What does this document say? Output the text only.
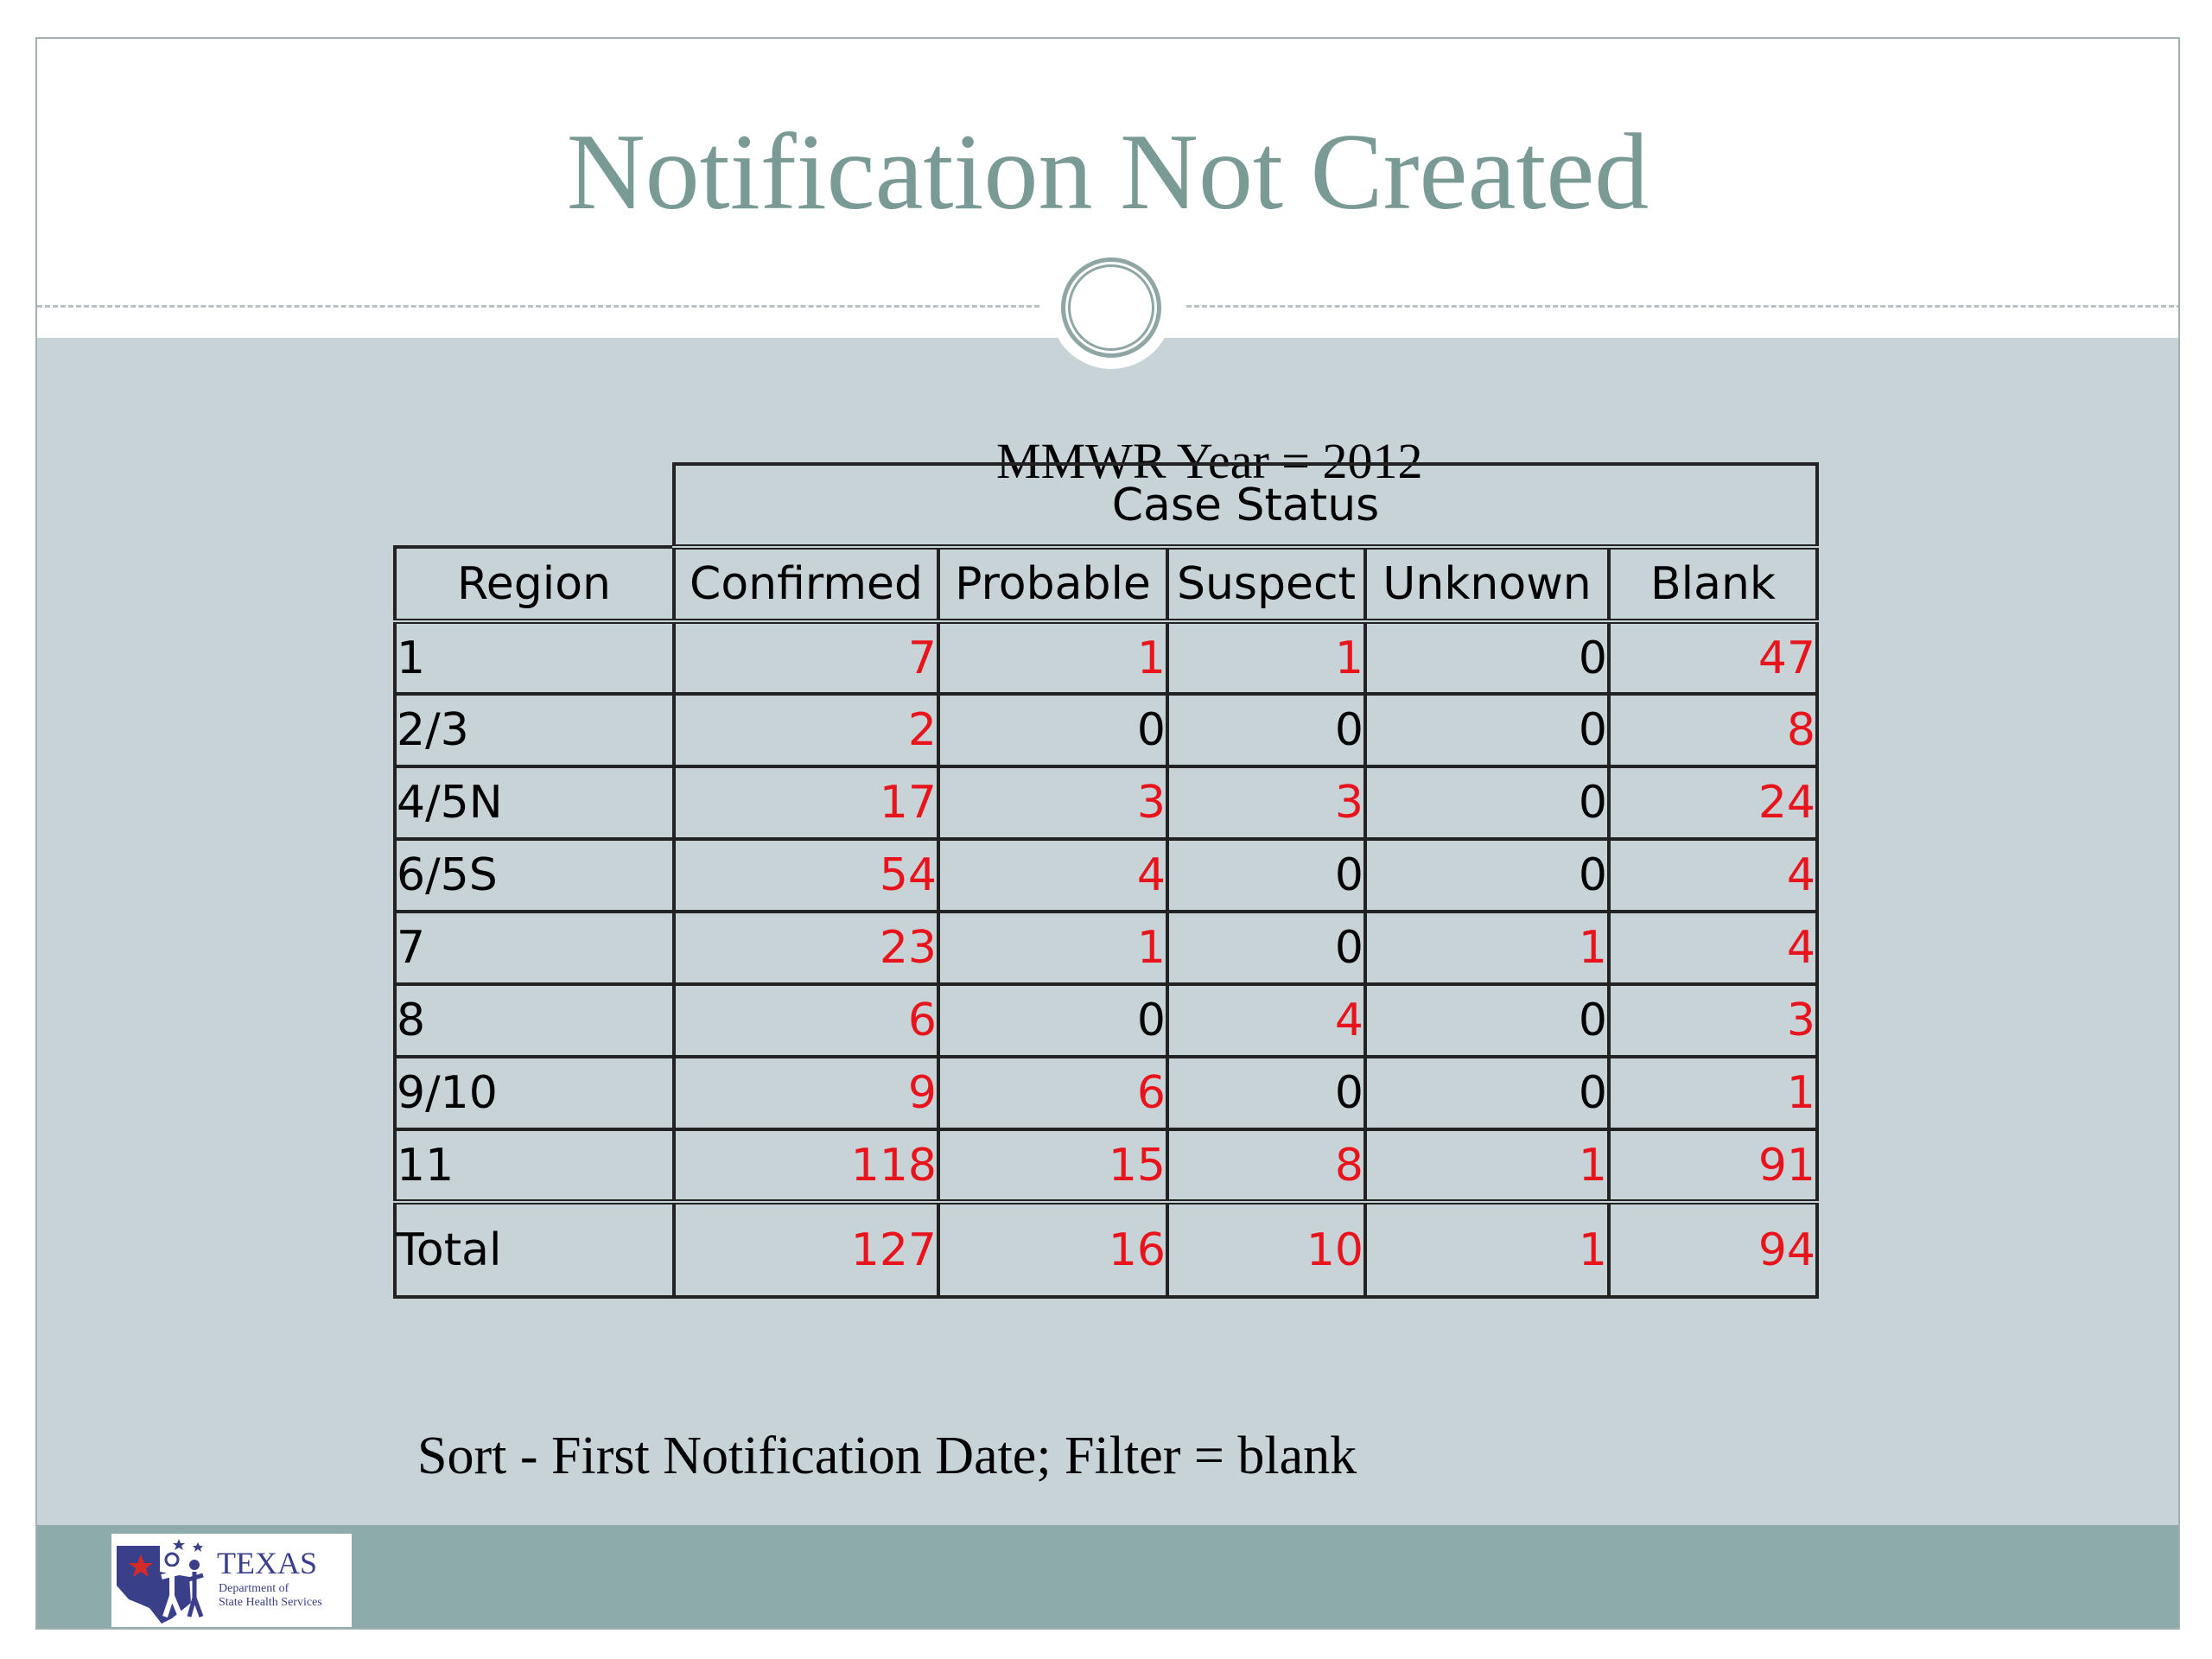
Notification Not Created
MMWR Year = 2012
	Case Status				
Region	Confirmed	Probable	Suspect	Unknown	Blank
1	7	1	1	0	47
2/3	2	0	0	0	8
4/5N	17	3	3	0	24
6/5S	54	4	0	0	4
7	23	1	0	1	4
8	6	0	4	0	3
9/10	9	6	0	0	1
11	118	15	8	1	91
Total	127	16	10	1	94
Sort - First Notification Date; Filter = blank
TEXAS
Department of
State Health Services
